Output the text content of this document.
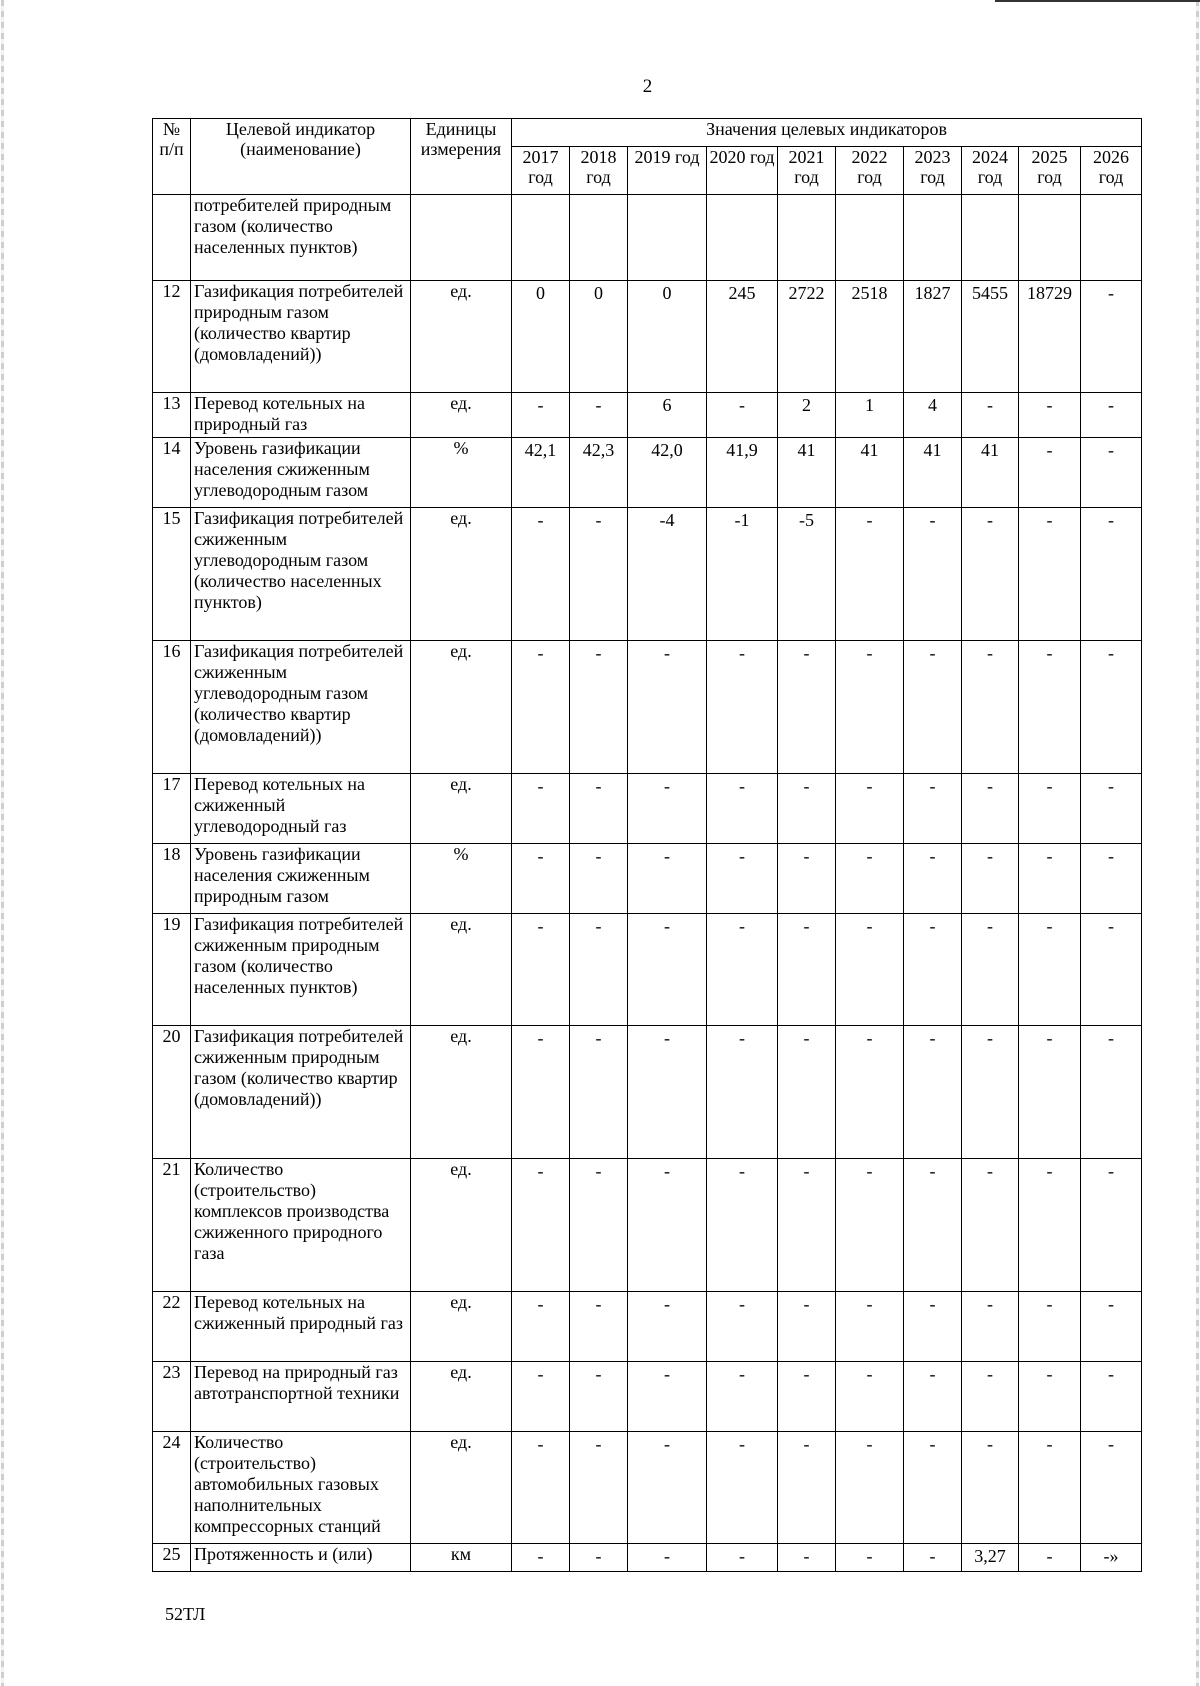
2
№ п/п	Целевой индикатор (наименование)	Единицы измерения	Значения целевых индикаторов									
			2017 год	2018 год	2019 год	2020 год	2021 год	2022 год	2023 год	2024 год	2025 год	2026 год
	потребителей природным газом (количество населенных пунктов)											
12	Газификация потребителей природным газом (количество квартир (домовладений))	ед.	0	0	0	245	2722	2518	1827	5455	18729	-
13	Перевод котельных на природный газ	ед.	-	-	6	-	2	1	4	-	-	-
14	Уровень газификации населения сжиженным углеводородным газом	%	42,1	42,3	42,0	41,9	41	41	41	41	-	-
15	Газификация потребителей сжиженным углеводородным газом (количество населенных пунктов)	ед.	-	-	-4	-1	-5	-	-	-	-	-
16	Газификация потребителей сжиженным углеводородным газом (количество квартир (домовладений))	ед.	-	-	-	-	-	-	-	-	-	-
17	Перевод котельных на сжиженный углеводородный газ	ед.	-	-	-	-	-	-	-	-	-	-
18	Уровень газификации населения сжиженным природным газом	%	-	-	-	-	-	-	-	-	-	-
19	Газификация потребителей сжиженным природным газом (количество населенных пунктов)	ед.	-	-	-	-	-	-	-	-	-	-
20	Газификация потребителей сжиженным природным газом (количество квартир (домовладений))	ед.	-	-	-	-	-	-	-	-	-	-
21	Количество (строительство) комплексов производства сжиженного природного газа	ед.	-	-	-	-	-	-	-	-	-	-
22	Перевод котельных на сжиженный природный газ	ед.	-	-	-	-	-	-	-	-	-	-
23	Перевод на природный газ автотранспортной техники	ед.	-	-	-	-	-	-	-	-	-	-
24	Количество (строительство) автомобильных газовых наполнительных компрессорных станций	ед.	-	-	-	-	-	-	-	-	-	-
25	Протяженность и (или)	км	-	-	-	-	-	-	-	3,27	-	-»
52ТЛ
